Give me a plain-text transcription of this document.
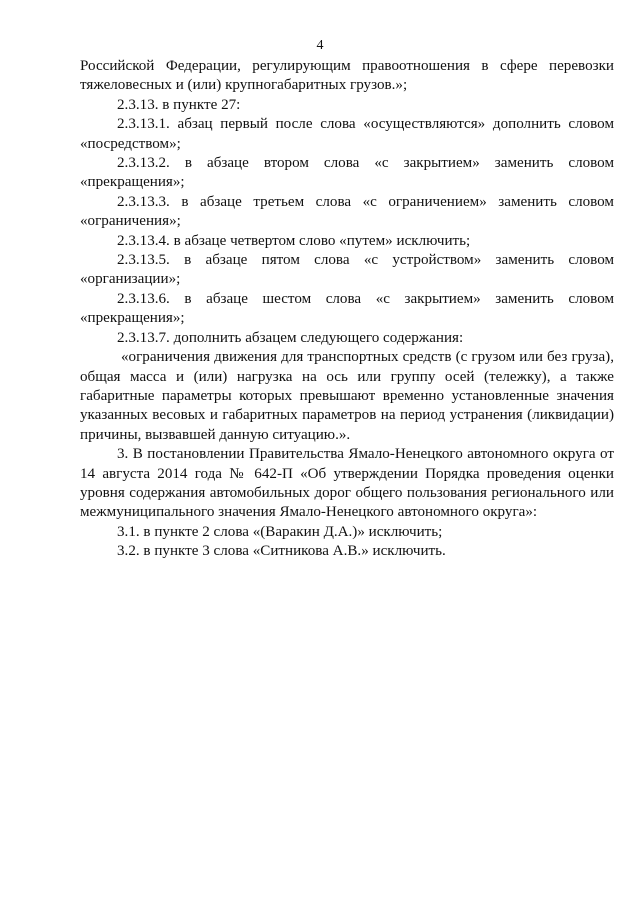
4

Российской Федерации, регулирующим правоотношения в сфере перевозки тяжеловесных и (или) крупногабаритных грузов.»;

2.3.13. в пункте 27:

2.3.13.1. абзац первый после слова «осуществляются» дополнить словом «посредством»;

2.3.13.2. в абзаце втором слова «с закрытием» заменить словом «прекращения»;

2.3.13.3. в абзаце третьем слова «с ограничением» заменить словом «ограничения»;

2.3.13.4. в абзаце четвертом слово «путем» исключить;

2.3.13.5. в абзаце пятом слова «с устройством» заменить словом «организации»;

2.3.13.6. в абзаце шестом слова «с закрытием» заменить словом «прекращения»;

2.3.13.7. дополнить абзацем следующего содержания:

«ограничения движения для транспортных средств (с грузом или без груза), общая масса и (или) нагрузка на ось или группу осей (тележку), а также габаритные параметры которых превышают временно установленные значения указанных весовых и габаритных параметров на период устранения (ликвидации) причины, вызвавшей данную ситуацию.».

3. В постановлении Правительства Ямало-Ненецкого автономного округа от 14 августа 2014 года № 642-П «Об утверждении Порядка проведения оценки уровня содержания автомобильных дорог общего пользования регионального или межмуниципального значения Ямало-Ненецкого автономного округа»:

3.1. в пункте 2 слова «(Варакин Д.А.)» исключить;

3.2. в пункте 3 слова «Ситникова А.В.» исключить.
